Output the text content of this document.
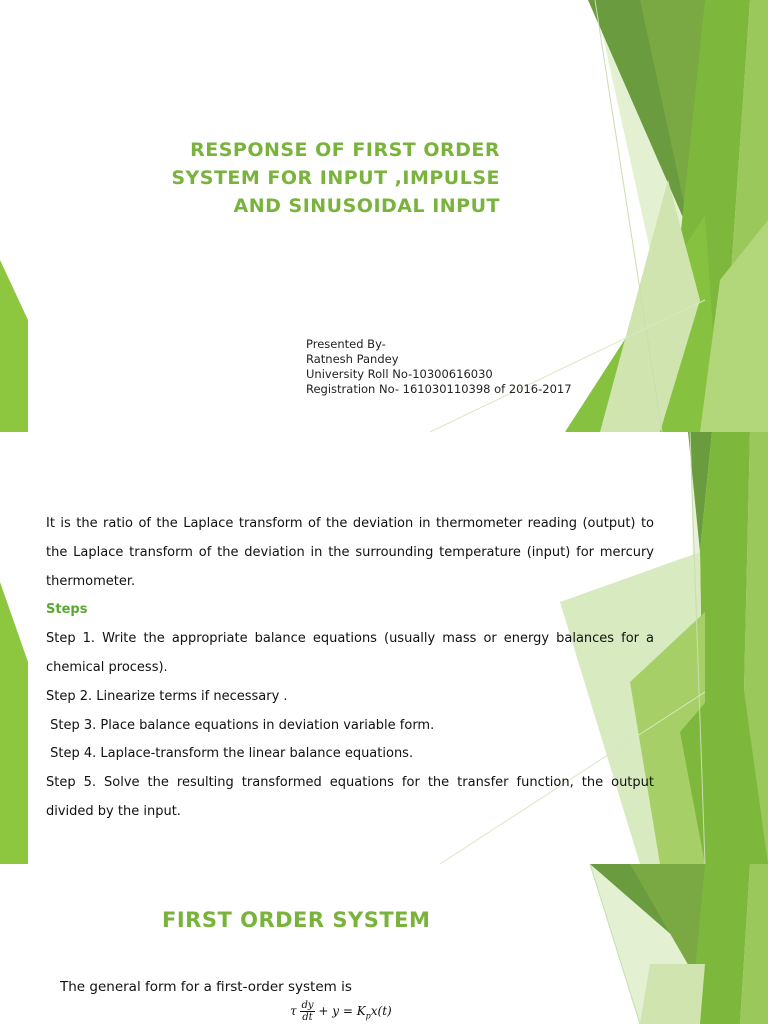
RESPONSE OF FIRST ORDER
SYSTEM FOR INPUT ,IMPULSE
AND SINUSOIDAL INPUT
Presented By-
Ratnesh Pandey
University Roll No-10300616030
Registration No- 161030110398 of 2016-2017

It is the ratio of the Laplace transform of the deviation in thermometer reading (output) to the Laplace transform of the deviation in the surrounding temperature (input) for mercury thermometer.

Steps

Step 1. Write the appropriate balance equations (usually mass or energy balances for a chemical process).

Step 2. Linearize terms if necessary .

Step 3. Place balance equations in deviation variable form.

Step 4. Laplace-transform the linear balance equations.

Step 5. Solve the resulting transformed equations for the transfer function, the output divided by the input.

FIRST ORDER SYSTEM
The general form for a first-order system is
τ $\frac{dy}{dt} + y = K_px(t)$
